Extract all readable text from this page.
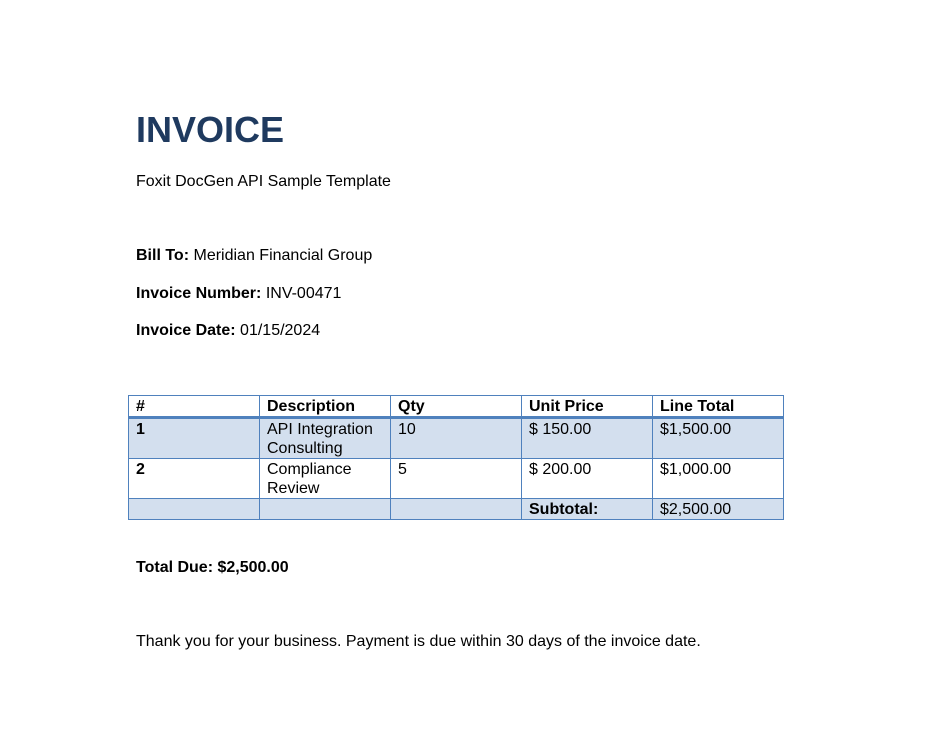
INVOICE
Foxit DocGen API Sample Template
Bill To: Meridian Financial Group
Invoice Number: INV-00471
Invoice Date: 01/15/2024
#	Description	Qty	Unit Price	Line Total
1	API Integration Consulting	10	$ 150.00	$1,500.00
2	Compliance Review	5	$ 200.00	$1,000.00
			Subtotal:	$2,500.00
Total Due: $2,500.00
Thank you for your business. Payment is due within 30 days of the invoice date.
